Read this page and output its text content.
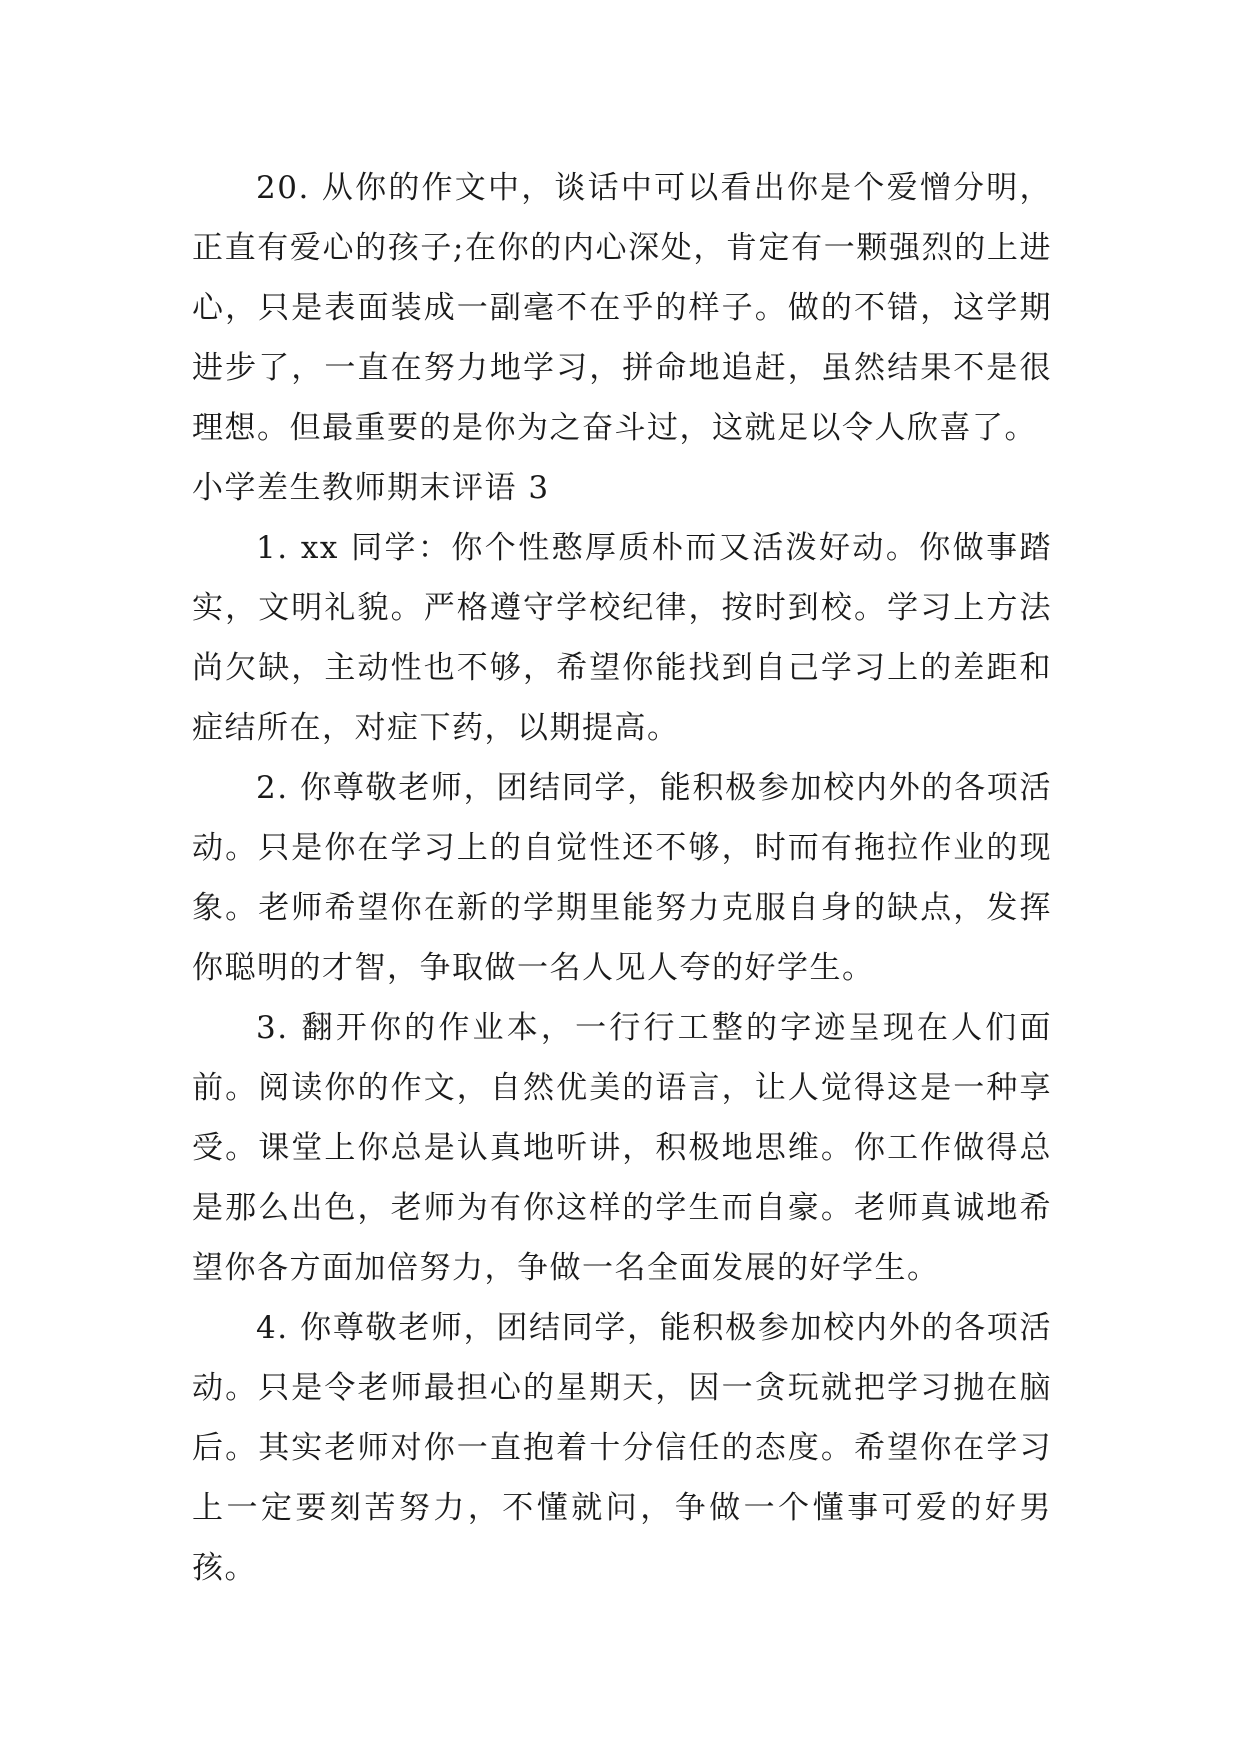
20. 从你的作文中，谈话中可以看出你是个爱憎分明，正直有爱心的孩子;在你的内心深处，肯定有一颗强烈的上进心，只是表面装成一副毫不在乎的样子。做的不错，这学期进步了，一直在努力地学习，拼命地追赶，虽然结果不是很理想。但最重要的是你为之奋斗过，这就足以令人欣喜了。

小学差生教师期末评语 3

1. xx 同学：你个性憨厚质朴而又活泼好动。你做事踏实，文明礼貌。严格遵守学校纪律，按时到校。学习上方法尚欠缺，主动性也不够，希望你能找到自己学习上的差距和症结所在，对症下药，以期提高。

2. 你尊敬老师，团结同学，能积极参加校内外的各项活动。只是你在学习上的自觉性还不够，时而有拖拉作业的现象。老师希望你在新的学期里能努力克服自身的缺点，发挥你聪明的才智，争取做一名人见人夸的好学生。

3. 翻开你的作业本，一行行工整的字迹呈现在人们面前。阅读你的作文，自然优美的语言，让人觉得这是一种享受。课堂上你总是认真地听讲，积极地思维。你工作做得总是那么出色，老师为有你这样的学生而自豪。老师真诚地希望你各方面加倍努力，争做一名全面发展的好学生。

4. 你尊敬老师，团结同学，能积极参加校内外的各项活动。只是令老师最担心的星期天，因一贪玩就把学习抛在脑后。其实老师对你一直抱着十分信任的态度。希望你在学习上一定要刻苦努力，不懂就问，争做一个懂事可爱的好男孩。
